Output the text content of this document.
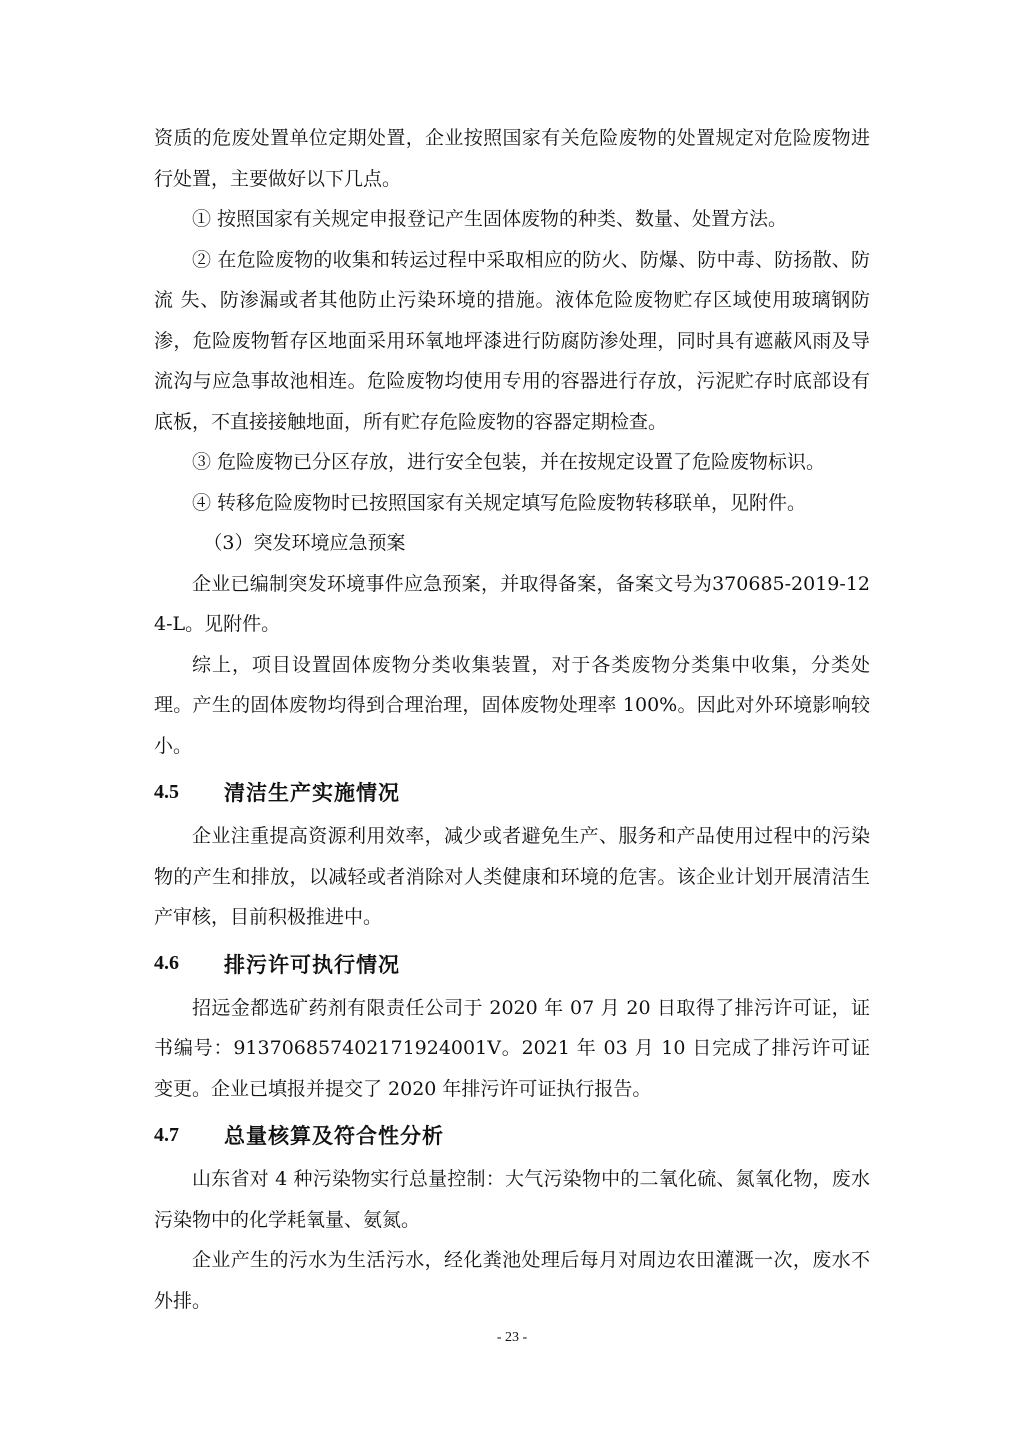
资质的危废处置单位定期处置，企业按照国家有关危险废物的处置规定对危险废物进行处置，主要做好以下几点。

① 按照国家有关规定申报登记产生固体废物的种类、数量、处置方法。

② 在危险废物的收集和转运过程中采取相应的防火、防爆、防中毒、防扬散、防流 失、防渗漏或者其他防止污染环境的措施。液体危险废物贮存区域使用玻璃钢防渗，危险废物暂存区地面采用环氧地坪漆进行防腐防渗处理，同时具有遮蔽风雨及导流沟与应急事故池相连。危险废物均使用专用的容器进行存放，污泥贮存时底部设有底板，不直接接触地面，所有贮存危险废物的容器定期检查。

③ 危险废物已分区存放，进行安全包装，并在按规定设置了危险废物标识。

④ 转移危险废物时已按照国家有关规定填写危险废物转移联单，见附件。

（3）突发环境应急预案

企业已编制突发环境事件应急预案，并取得备案，备案文号为370685-2019-124-L。见附件。

综上，项目设置固体废物分类收集装置，对于各类废物分类集中收集，分类处理。产生的固体废物均得到合理治理，固体废物处理率 100%。因此对外环境影响较小。

4.5	清洁生产实施情况

企业注重提高资源利用效率，减少或者避免生产、服务和产品使用过程中的污染物的产生和排放，以减轻或者消除对人类健康和环境的危害。该企业计划开展清洁生产审核，目前积极推进中。

4.6	排污许可执行情况

招远金都选矿药剂有限责任公司于 2020 年 07 月 20 日取得了排污许可证，证书编号：91370685740217192400​1V。2021 年 03 月 10 日完成了排污许可证变更。企业已填报并提交了 2020 年排污许可证执行报告。

4.7	总量核算及符合性分析

山东省对 4 种污染物实行总量控制：大气污染物中的二氧化硫、氮氧化物，废水污染物中的化学耗氧量、氨氮。

企业产生的污水为生活污水，经化粪池处理后每月对周边农田灌溉一次，废水不外排。

- 23 -
